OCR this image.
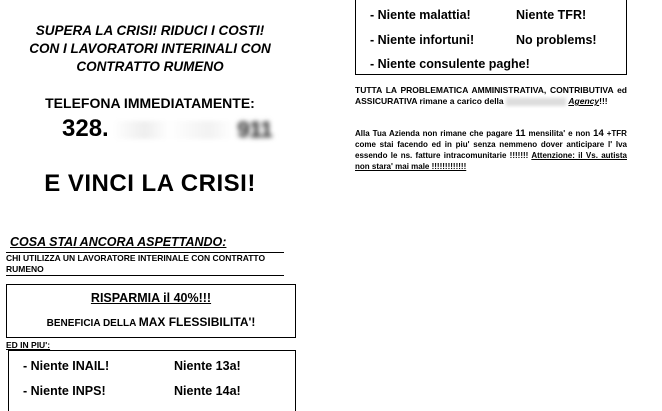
SUPERA LA CRISI! RIDUCI I COSTI!
CON I LAVORATORI INTERINALI CON
CONTRATTO RUMENO
TELEFONA IMMEDIATAMENTE:
328.	911
E VINCI LA CRISI!
COSA STAI ANCORA ASPETTANDO:
CHI UTILIZZA UN LAVORATORE INTERINALE CON CONTRATTO
RUMENO
RISPARMIA il 40%!!!
BENEFICIA DELLA MAX FLESSIBILITA'!
ED IN PIU':
- Niente INAIL!	Niente 13a!
- Niente INPS!	Niente 14a!
- Niente malattia!	Niente TFR!
- Niente infortuni!	No problems!
- Niente consulente paghe!
TUTTA LA PROBLEMATICA AMMINISTRATIVA, CONTRIBUTIVA ed ASSICURATIVA rimane a carico della	Agency!!!
Alla Tua Azienda non rimane che pagare 11 mensilita' e non 14 +TFR come stai facendo ed in piu' senza nemmeno dover anticipare l' Iva essendo le ns. fatture intracomunitarie !!!!!!! Attenzione: il Vs. autista non stara' mai male !!!!!!!!!!!!!
